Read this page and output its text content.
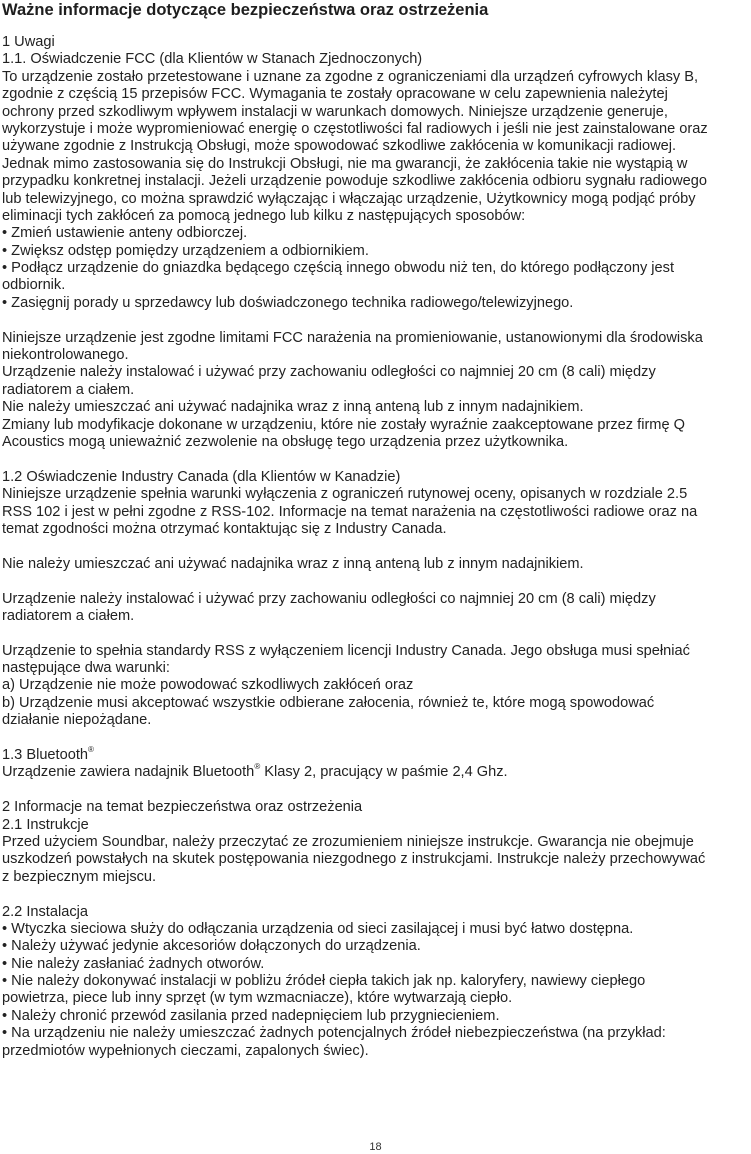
Ważne informacje dotyczące bezpieczeństwa oraz ostrzeżenia
1 Uwagi
1.1. Oświadczenie FCC (dla Klientów w Stanach Zjednoczonych)
To urządzenie zostało przetestowane i uznane za zgodne z ograniczeniami dla urządzeń cyfrowych klasy B,
zgodnie z częścią 15 przepisów FCC. Wymagania te zostały opracowane w celu zapewnienia należytej
ochrony przed szkodliwym wpływem instalacji w warunkach domowych. Niniejsze urządzenie generuje,
wykorzystuje i może wypromieniować energię o częstotliwości fal radiowych i jeśli nie jest zainstalowane oraz
używane zgodnie z Instrukcją Obsługi, może spowodować szkodliwe zakłócenia w komunikacji radiowej.
Jednak mimo zastosowania się do Instrukcji Obsługi, nie ma gwarancji, że zakłócenia takie nie wystąpią w
przypadku konkretnej instalacji. Jeżeli urządzenie powoduje szkodliwe zakłócenia odbioru sygnału radiowego
lub telewizyjnego, co można sprawdzić wyłączając i włączając urządzenie, Użytkownicy mogą podjąć próby
eliminacji tych zakłóceń za pomocą jednego lub kilku z następujących sposobów:
• Zmień ustawienie anteny odbiorczej.
• Zwiększ odstęp pomiędzy urządzeniem a odbiornikiem.
• Podłącz urządzenie do gniazdka będącego częścią innego obwodu niż ten, do którego podłączony jest
odbiornik.
• Zasięgnij porady u sprzedawcy lub doświadczonego technika radiowego/telewizyjnego.
Niniejsze urządzenie jest zgodne limitami FCC narażenia na promieniowanie, ustanowionymi dla środowiska
niekontrolowanego.
Urządzenie należy instalować i używać przy zachowaniu odległości co najmniej 20 cm (8 cali) między
radiatorem a ciałem.
Nie należy umieszczać ani używać nadajnika wraz z inną anteną lub z innym nadajnikiem.
Zmiany lub modyfikacje dokonane w urządzeniu, które nie zostały wyraźnie zaakceptowane przez firmę Q
Acoustics mogą unieważnić zezwolenie na obsługę tego urządzenia przez użytkownika.
1.2 Oświadczenie Industry Canada (dla Klientów w Kanadzie)
Niniejsze urządzenie spełnia warunki wyłączenia z ograniczeń rutynowej oceny, opisanych w rozdziale 2.5
RSS 102 i jest w pełni zgodne z RSS-102. Informacje na temat narażenia na częstotliwości radiowe oraz na
temat zgodności można otrzymać kontaktując się z Industry Canada.
Nie należy umieszczać ani używać nadajnika wraz z inną anteną lub z innym nadajnikiem.
Urządzenie należy instalować i używać przy zachowaniu odległości co najmniej 20 cm (8 cali) między
radiatorem a ciałem.
Urządzenie to spełnia standardy RSS z wyłączeniem licencji Industry Canada. Jego obsługa musi spełniać
następujące dwa warunki:
a) Urządzenie nie może powodować szkodliwych zakłóceń oraz
b) Urządzenie musi akceptować wszystkie odbierane załocenia, również te, które mogą spowodować
działanie niepożądane.
1.3 Bluetooth®
Urządzenie zawiera nadajnik Bluetooth® Klasy 2, pracujący w paśmie 2,4 Ghz.
2 Informacje na temat bezpieczeństwa oraz ostrzeżenia
2.1 Instrukcje
Przed użyciem Soundbar, należy przeczytać ze zrozumieniem niniejsze instrukcje. Gwarancja nie obejmuje
uszkodzeń powstałych na skutek postępowania niezgodnego z instrukcjami. Instrukcje należy przechowywać
z bezpiecznym miejscu.
2.2 Instalacja
• Wtyczka sieciowa służy do odłączania urządzenia od sieci zasilającej i musi być łatwo dostępna.
• Należy używać jedynie akcesoriów dołączonych do urządzenia.
• Nie należy zasłaniać żadnych otworów.
• Nie należy dokonywać instalacji w pobliżu źródeł ciepła takich jak np. kaloryfery, nawiewy ciepłego
powietrza, piece lub inny sprzęt (w tym wzmacniacze), które wytwarzają ciepło.
• Należy chronić przewód zasilania przed nadepnięciem lub przygniecieniem.
• Na urządzeniu nie należy umieszczać żadnych potencjalnych źródeł niebezpieczeństwa (na przykład:
przedmiotów wypełnionych cieczami, zapalonych świec).
18
